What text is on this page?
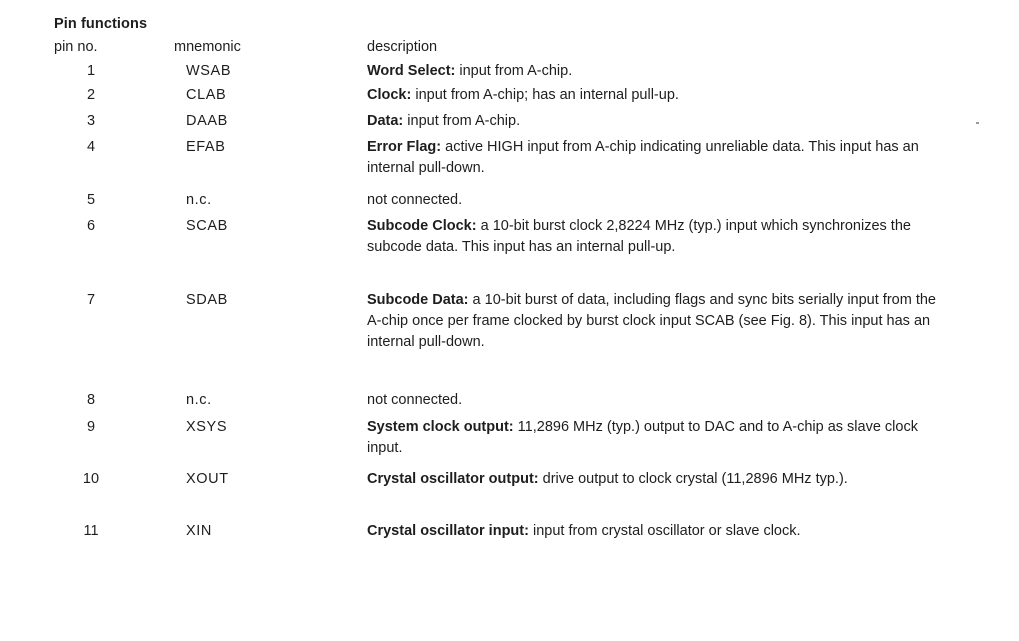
Pin functions
pin no.	mnemonic	description
1	WSAB	Word Select: input from A-chip.
2	CLAB	Clock: input from A-chip; has an internal pull-up.
3	DAAB	Data: input from A-chip.
4	EFAB	Error Flag: active HIGH input from A-chip indicating unreliable data. This input has an internal pull-down.
5	n.c.	not connected.
6	SCAB	Subcode Clock: a 10-bit burst clock 2,8224 MHz (typ.) input which synchronizes the subcode data. This input has an internal pull-up.
7	SDAB	Subcode Data: a 10-bit burst of data, including flags and sync bits serially input from the A-chip once per frame clocked by burst clock input SCAB (see Fig. 8). This input has an internal pull-down.
8	n.c.	not connected.
9	XSYS	System clock output: 11,2896 MHz (typ.) output to DAC and to A-chip as slave clock input.
10	XOUT	Crystal oscillator output: drive output to clock crystal (11,2896 MHz typ.).
11	XIN	Crystal oscillator input: input from crystal oscillator or slave clock.
